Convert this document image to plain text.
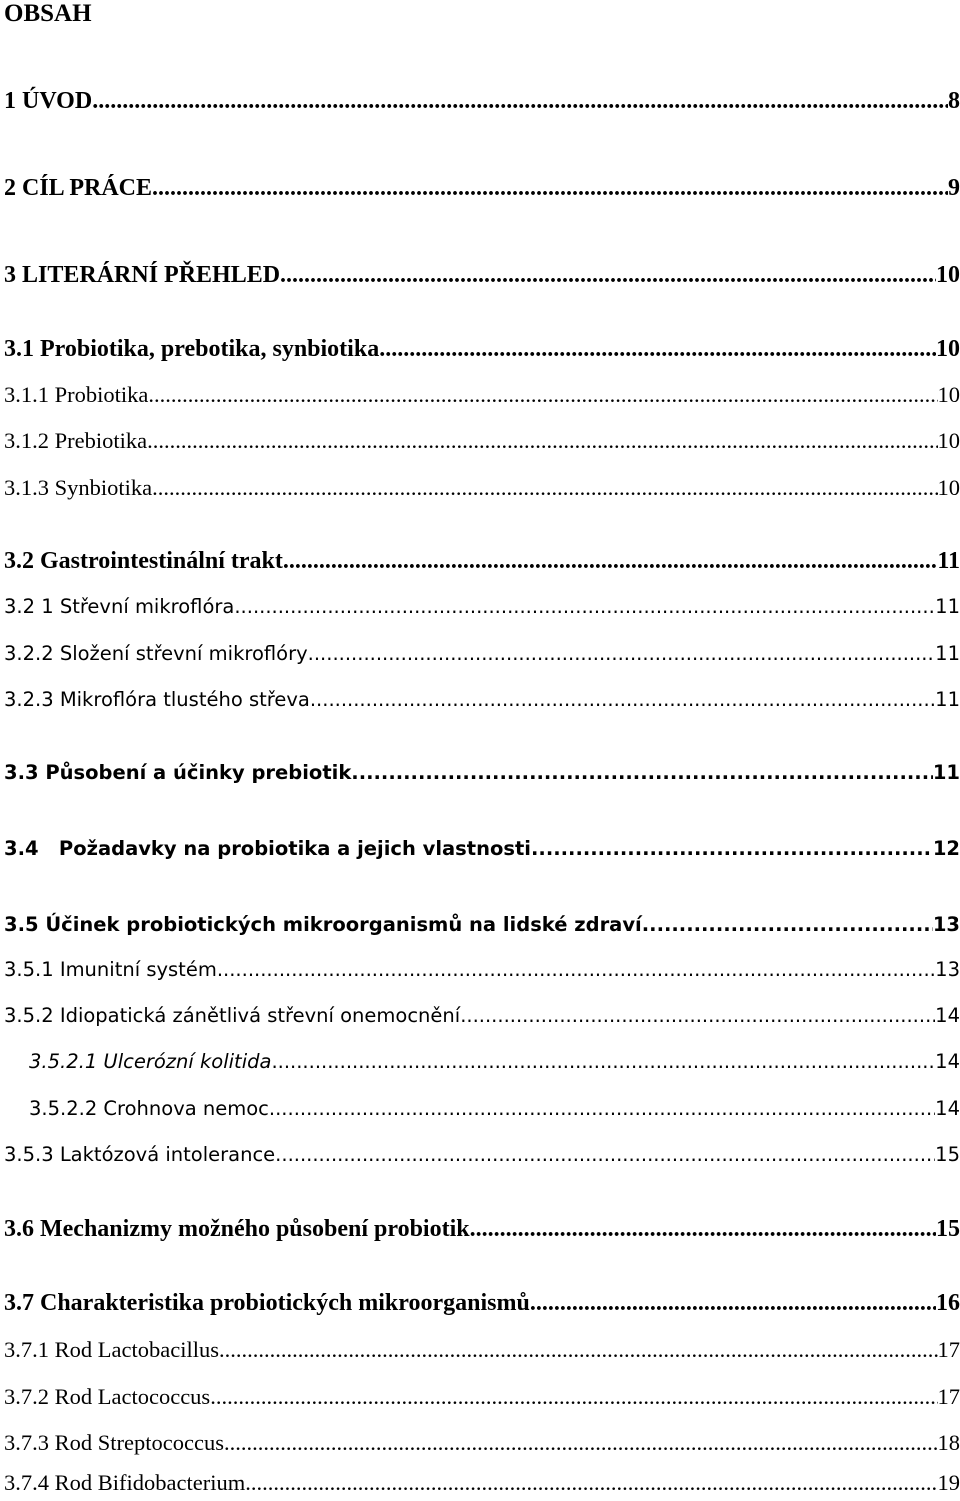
OBSAH
1 ÚVOD .....	8
2 CÍL PRÁCE .....	9
3 LITERÁRNÍ PŘEHLED .....	10
3.1 Probiotika, prebotika, synbiotika .....	10
3.1.1 Probiotika .....	10
3.1.2 Prebiotika .....	10
3.1.3 Synbiotika .....	10
3.2 Gastrointestinální trakt .....	11
3.2 1 Střevní mikroflóra .....	11
3.2.2 Složení střevní mikroflóry .....	11
3.2.3 Mikroflóra tlustého střeva .....	11
3.3 Působení a účinky prebiotik .....	11
3.4   Požadavky na probiotika a jejich vlastnosti .....	12
3.5 Účinek probiotických mikroorganismů na lidské zdraví .....	13
3.5.1 Imunitní systém .....	13
3.5.2 Idiopatická zánětlivá střevní onemocnění .....	14
3.5.2.1 Ulcerózní kolitida .....	14
3.5.2.2 Crohnova nemoc .....	14
3.5.3 Laktózová intolerance .....	15
3.6 Mechanizmy možného působení probiotik .....	15
3.7 Charakteristika probiotických mikroorganismů .....	16
3.7.1 Rod Lactobacillus .....	17
3.7.2 Rod Lactococcus .....	17
3.7.3 Rod Streptococcus .....	18
3.7.4 Rod Bifidobacterium .....	19
